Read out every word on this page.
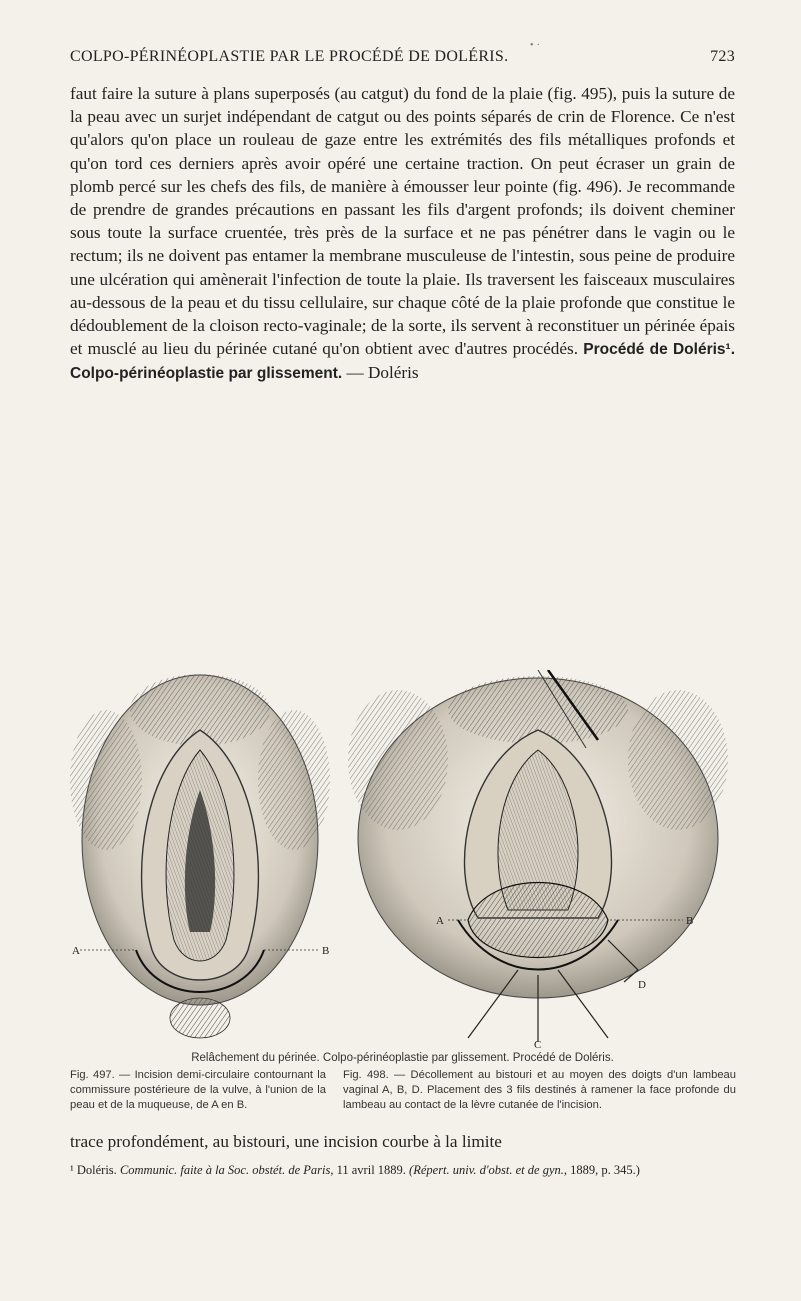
• ·
COLPO-PÉRINÉOPLASTIE PAR LE PROCÉDÉ DE DOLÉRIS.	723

faut faire la suture à plans superposés (au catgut) du fond de la plaie (fig. 495), puis la suture de la peau avec un surjet indépendant de catgut ou des points séparés de crin de Florence. Ce n'est qu'alors qu'on place un rouleau de gaze entre les extrémités des fils métalliques profonds et qu'on tord ces derniers après avoir opéré une certaine traction. On peut écraser un grain de plomb percé sur les chefs des fils, de manière à émousser leur pointe (fig. 496). Je recommande de prendre de grandes précautions en passant les fils d'argent profonds; ils doivent cheminer sous toute la surface cruentée, très près de la surface et ne pas pénétrer dans le vagin ou le rectum; ils ne doivent pas entamer la membrane musculeuse de l'intestin, sous peine de produire une ulcération qui amènerait l'infection de toute la plaie. Ils traversent les faisceaux musculaires au-dessous de la peau et du tissu cellulaire, sur chaque côté de la plaie profonde que constitue le dédoublement de la cloison recto-vaginale; de la sorte, ils servent à reconstituer un périnée épais et musclé au lieu du périnée cutané qu'on obtient avec d'autres procédés. Procédé de Doléris¹. Colpo-périnéoplastie par glissement. — Doléris

A	B
A	B
C
D
Relâchement du périnée. Colpo-périnéoplastie par glissement. Procédé de Doléris.
Fig. 497. — Incision demi-circulaire contournant la commissure postérieure de la vulve, à l'union de la peau et de la muqueuse, de A en B.
Fig. 498. — Décollement au bistouri et au moyen des doigts d'un lambeau vaginal A, B, D. Placement des 3 fils destinés à ramener la face profonde du lambeau au contact de la lèvre cutanée de l'incision.
trace profondément, au bistouri, une incision courbe à la limite
¹ Doléris. Communic. faite à la Soc. obstét. de Paris, 11 avril 1889. (Répert. univ. d'obst. et de gyn., 1889, p. 345.)
